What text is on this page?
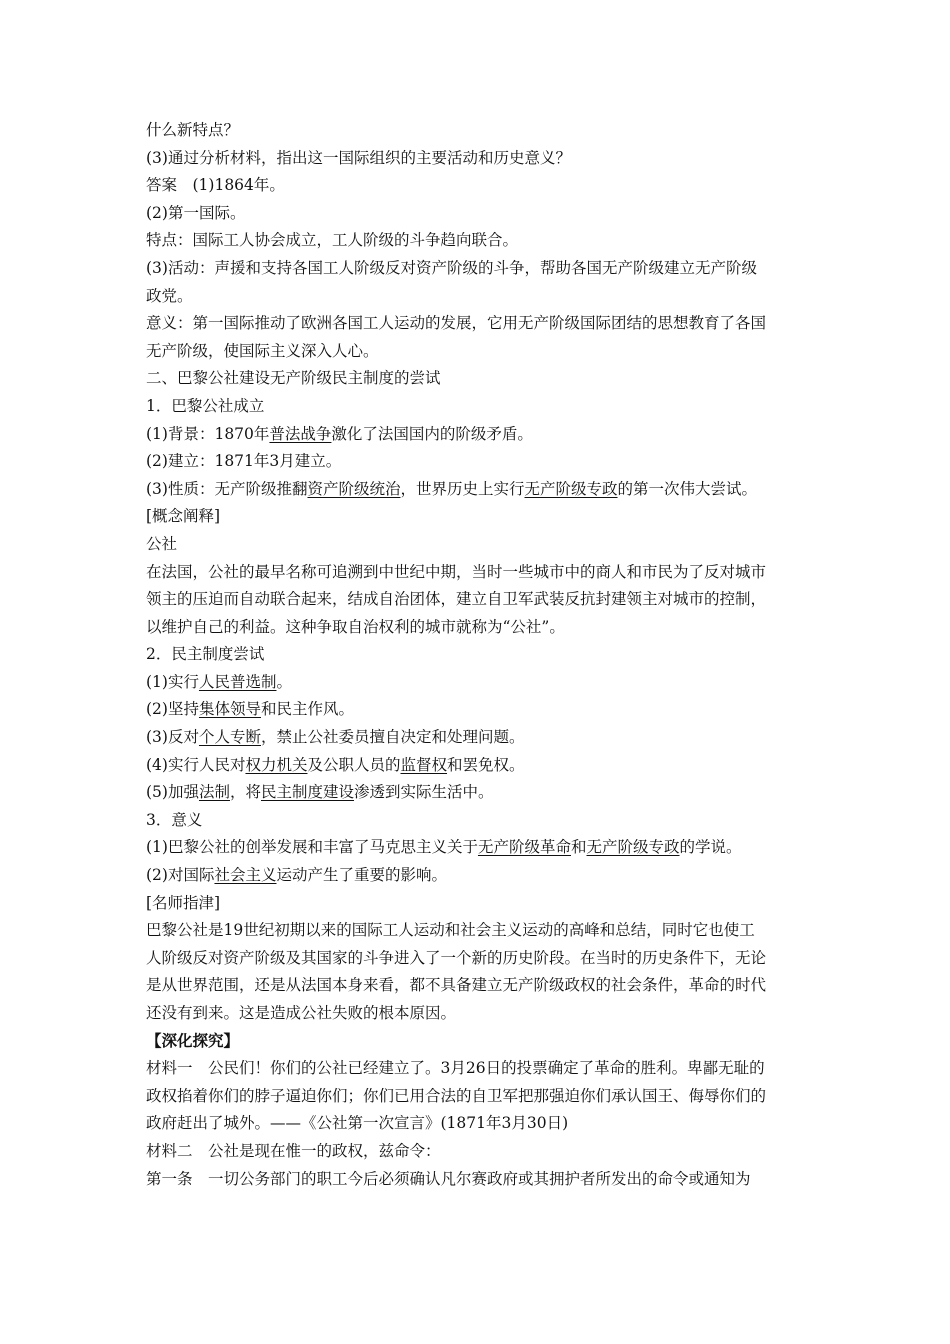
什么新特点？
(3)通过分析材料，指出这一国际组织的主要活动和历史意义？
答案　(1)1864年。
(2)第一国际。
特点：国际工人协会成立，工人阶级的斗争趋向联合。
(3)活动：声援和支持各国工人阶级反对资产阶级的斗争，帮助各国无产阶级建立无产阶级
政党。
意义：第一国际推动了欧洲各国工人运动的发展，它用无产阶级国际团结的思想教育了各国
无产阶级，使国际主义深入人心。
二、巴黎公社建设无产阶级民主制度的尝试
1．巴黎公社成立
(1)背景：1870年普法战争激化了法国国内的阶级矛盾。
(2)建立：1871年3月建立。
(3)性质：无产阶级推翻资产阶级统治，世界历史上实行无产阶级专政的第一次伟大尝试。
[概念阐释]
公社
在法国，公社的最早名称可追溯到中世纪中期，当时一些城市中的商人和市民为了反对城市
领主的压迫而自动联合起来，结成自治团体，建立自卫军武装反抗封建领主对城市的控制，
以维护自己的利益。这种争取自治权利的城市就称为“公社”。
2．民主制度尝试
(1)实行人民普选制。
(2)坚持集体领导和民主作风。
(3)反对个人专断，禁止公社委员擅自决定和处理问题。
(4)实行人民对权力机关及公职人员的监督权和罢免权。
(5)加强法制，将民主制度建设渗透到实际生活中。
3．意义
(1)巴黎公社的创举发展和丰富了马克思主义关于无产阶级革命和无产阶级专政的学说。
(2)对国际社会主义运动产生了重要的影响。
[名师指津]
巴黎公社是19世纪初期以来的国际工人运动和社会主义运动的高峰和总结，同时它也使工
人阶级反对资产阶级及其国家的斗争进入了一个新的历史阶段。在当时的历史条件下，无论
是从世界范围，还是从法国本身来看，都不具备建立无产阶级政权的社会条件，革命的时代
还没有到来。这是造成公社失败的根本原因。
【深化探究】
材料一　公民们！你们的公社已经建立了。3月26日的投票确定了革命的胜利。卑鄙无耻的
政权掐着你们的脖子逼迫你们；你们已用合法的自卫军把那强迫你们承认国王、侮辱你们的
政府赶出了城外。——《公社第一次宣言》(1871年3月30日)
材料二　公社是现在惟一的政权，兹命令：
第一条　一切公务部门的职工今后必须确认凡尔赛政府或其拥护者所发出的命令或通知为
